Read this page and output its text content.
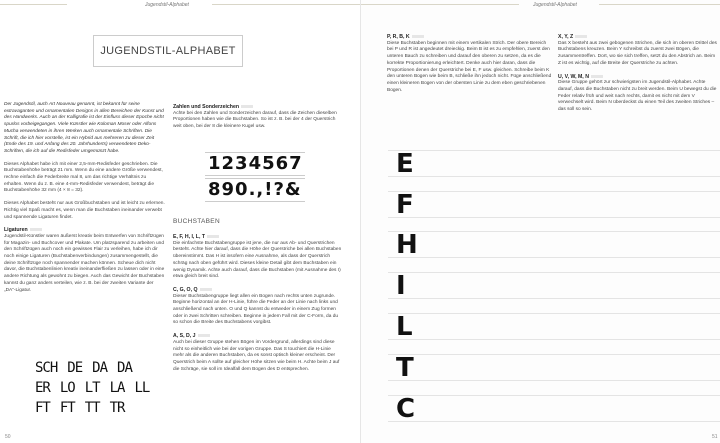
Jugendstil-Alphabet
JUGENDSTIL-ALPHABET

Der Jugendstil, auch Art Nouveau genannt, ist bekannt für seine extravaganten und ornamentalen Designs in allen Bereichen der Kunst und des Handwerks. Auch an der Kalligrafie ist der Einfluss dieser Epoche nicht spurlos vorbeigegangen. Viele Künstler wie Koloman Moser oder Alfons Mucha verwendeten in ihren Werken auch ornamentale Schriften. Die Schrift, die ich hier vorstelle, ist ein Hybrid aus mehreren zu dieser Zeit (Ende des 19. und Anfang des 20. Jahrhunderts) verwendeten Deko-Schriften, die ich auf die Redisfeder umgemünzt habe.

Dieses Alphabet habe ich mit einer 2,5-mm-Redisfeder geschrieben. Die Buchstabenhöhe beträgt 21 mm. Wenn du eine andere Größe verwendest, rechne einfach die Federbreite mal 8, um das richtige Verhältnis zu erhalten. Wenn du z. B. eine 4-mm-Redisfeder verwendest, beträgt die Buchstabenhöhe 32 mm (4 × 8 = 32).

Dieses Alphabet besteht nur aus Großbuchstaben und ist leicht zu erlernen. Richtig viel Spaß macht es, wenn man die Buchstaben ineinander verwebt und spannende Ligaturen findet.

Ligaturen

Jugendstil-Künstler waren äußerst kreativ beim Entwerfen von Schriftzügen für Magazin- und Buchcover und Plakate. Um platzsparend zu arbeiten und den Schriftzügen auch noch ein gewisses Flair zu verleihen, habe ich dir noch einige Ligaturen (Buchstabenverbindungen) zusammengestellt, die deine Schriftzüge noch spannender machen können. Scheue dich nicht davor, die Buchstabenlinien kreativ ineinanderfließen zu lassen oder in eine andere Richtung als gewohnt zu biegen. Auch das Gewicht der Buchstaben kannst du ganz anders verteilen, wie z. B. bei der zweiten Variante der „DA“-Ligatur.

SCH DE DA DA
ER LO LT LA LL
FT FT TT TR
Zahlen und Sonderzeichen

Achte bei den Zahlen und Sonderzeichen darauf, dass die Zeichen dieselben Proportionen haben wie die Buchstaben. So ist z. B. bei der 4 der Querstrich weit oben, bei der 8 die kleinere Kugel usw.

1234567
890.,!?&
BUCHSTABEN
E, F, H, I, L, T

Die einfachste Buchstabengruppe ist jene, die nur aus Ab- und Querstrichen besteht. Achte hier darauf, dass die Höhe der Querstriche bei allen Buchstaben übereinstimmt. Das H ist insofern eine Ausnahme, als dass der Querstrich schräg nach oben geführt wird. Dieses kleine Detail gibt dem Buchstaben ein wenig Dynamik. Achte auch darauf, dass die Buchstaben (mit Ausnahme des I) etwa gleich breit sind.

C, G, O, Q

Dieser Buchstabengruppe liegt allen ein Bogen nach rechts unten zugrunde. Beginne horizontal an der H-Linie, führe die Feder an der Linie nach links und anschließend nach unten. O und Q kannst du entweder in einem Zug formen oder in zwei Schritten schreiben. Beginne in jedem Fall mit der C-Form, da du so schon die Breite des Buchstabens vorgibst.

A, S, D, J

Auch bei dieser Gruppe stehen Bögen im Vordergrund, allerdings sind diese nicht so einheitlich wie bei der vorigen Gruppe. Das S touchiert die H-Linie mehr als die anderen Buchstaben, da es sonst optisch kleiner erscheint. Der Querstrich beim A sollte auf gleicher Höhe sitzen wie beim H. Achte beim J auf die Schräge, sie soll im Idealfall dem Bogen des D entsprechen.

50
Jugendstil-Alphabet
P, R, B, K

Diese Buchstaben beginnen mit einem vertikalen Strich. Der obere Bereich bei P und R ist angedeutet dreieckig. Beim B ist es zu empfehlen, zuerst den unteren Bauch zu schreiben und darauf den oberen zu setzen, da es die korrekte Proportionierung erleichtert. Denke auch hier daran, dass die Proportionen denen der Querstriche bei E, F usw. gleichen. Schreibe beim K den unteren Bogen wie beim B, schließe ihn jedoch nicht. Füge anschließend einen kleineren Bogen von der obersten Linie zu dem eben geschriebenen Bogen.

X, Y, Z

Das X besteht aus zwei gebogenen Strichen, die sich im oberen Drittel des Buchstabens kreuzen. Beim Y schreibst du zuerst zwei Bögen, die zusammentreffen. Dort, wo sie sich treffen, setzt du den Abstrich an. Beim Z ist es wichtig, auf die Breite der Querstriche zu achten.

U, V, W, M, N

Diese Gruppe gehört zur schwierigsten im Jugendstil-Alphabet. Achte darauf, dass die Buchstaben nicht zu breit werden. Beim U bewegst du die Feder relativ früh und weit nach rechts, damit es nicht mit dem V verwechselt wird. Beim N überdeckst du einen Teil des zweiten Striches – das soll so sein.

E
F
H
I
L
T
C
51
